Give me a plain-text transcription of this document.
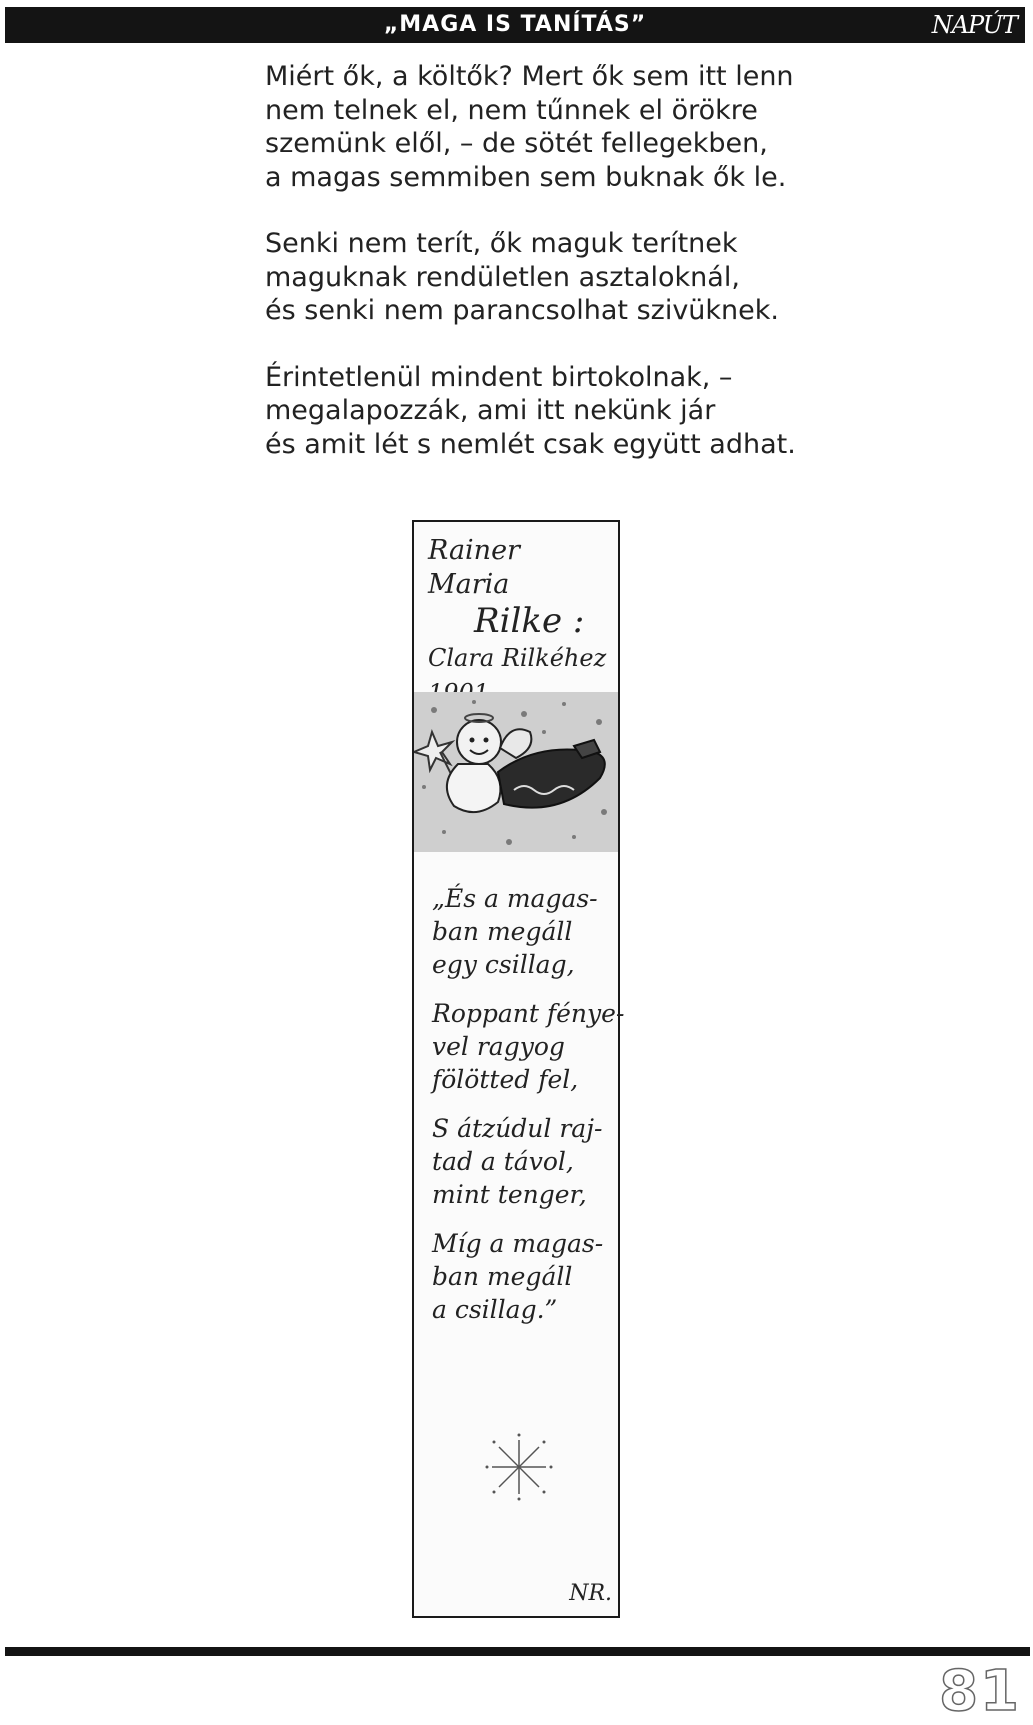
„MAGA IS TANÍTÁS”	NAPÚT
Miért ők, a költők? Mert ők sem itt lenn
nem telnek el, nem tűnnek el örökre
szemünk elől, – de sötét fellegekben,
a magas semmiben sem buknak ők le.
Senki nem terít, ők maguk terítnek
maguknak rendületlen asztaloknál,
és senki nem parancsolhat szivüknek.
Érintetlenül mindent birtokolnak, –
megalapozzák, ami itt nekünk jár
és amit lét s nemlét csak együtt adhat.
Rainer Maria
Rilke :
Clara Rilkéhez
„És a magas-
ban megáll
egy csillag,
Roppant fénye-
vel ragyog
fölötted fel,
S átzúdul raj-
tad a távol,
mint tenger,
Míg a magas-
ban megáll
a csillag.”
NR.
81
